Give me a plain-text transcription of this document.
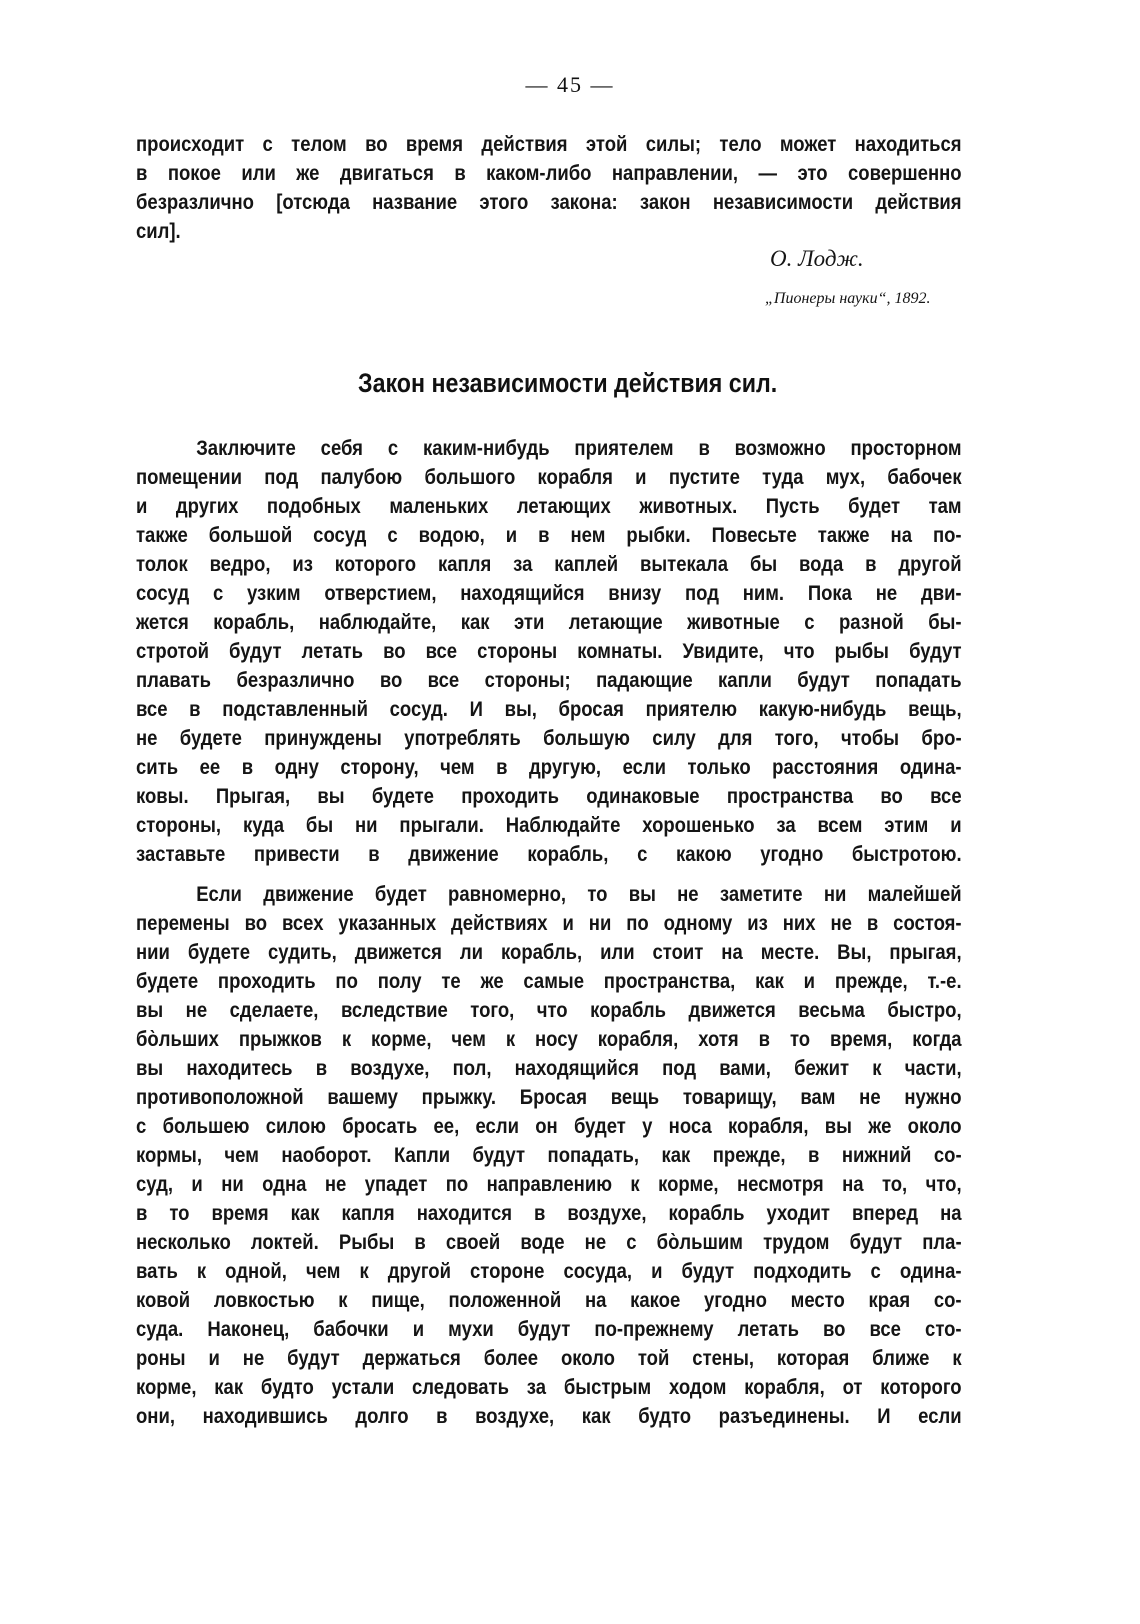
— 45 —
происходит с телом во время действия этой силы; тело может находиться
в покое или же двигаться в каком-либо направлении, — это совершенно
безразлично [отсюда название этого закона: закон независимости действия
сил].
О. Лодж.
„Пионеры науки“, 1892.
Закон независимости действия сил.
Заключите себя с каким-нибудь приятелем в возможно просторном
помещении под палубою большого корабля и пустите туда мух, бабочек
и других подобных маленьких летающих животных. Пусть будет там
также большой сосуд с водою, и в нем рыбки. Повесьте также на по-
толок ведро, из которого капля за каплей вытекала бы вода в другой
сосуд с узким отверстием, находящийся внизу под ним. Пока не дви-
жется корабль, наблюдайте, как эти летающие животные с разной бы-
стротой будут летать во все стороны комнаты. Увидите, что рыбы будут
плавать безразлично во все стороны; падающие капли будут попадать
все в подставленный сосуд. И вы, бросая приятелю какую-нибудь вещь,
не будете принуждены употреблять большую силу для того, чтобы бро-
сить ее в одну сторону, чем в другую, если только расстояния одина-
ковы. Прыгая, вы будете проходить одинаковые пространства во все
стороны, куда бы ни прыгали. Наблюдайте хорошенько за всем этим и
заставьте привести в движение корабль, с какою угодно быстротою.
Если движение будет равномерно, то вы не заметите ни малейшей
перемены во всех указанных действиях и ни по одному из них не в состоя-
нии будете судить, движется ли корабль, или стоит на месте. Вы, прыгая,
будете проходить по полу те же самые пространства, как и прежде, т.-е.
вы не сделаете, вследствие того, что корабль движется весьма быстро,
бо̀льших прыжков к корме, чем к носу корабля, хотя в то время, когда
вы находитесь в воздухе, пол, находящийся под вами, бежит к части,
противоположной вашему прыжку. Бросая вещь товарищу, вам не нужно
с большею силою бросать ее, если он будет у носа корабля, вы же около
кормы, чем наоборот. Капли будут попадать, как прежде, в нижний со-
суд, и ни одна не упадет по направлению к корме, несмотря на то, что,
в то время как капля находится в воздухе, корабль уходит вперед на
несколько локтей. Рыбы в своей воде не с бо̀льшим трудом будут пла-
вать к одной, чем к другой стороне сосуда, и будут подходить с одина-
ковой ловкостью к пище, положенной на какое угодно место края со-
суда. Наконец, бабочки и мухи будут по-прежнему летать во все сто-
роны и не будут держаться более около той стены, которая ближе к
корме, как будто устали следовать за быстрым ходом корабля, от которого
они, находившись долго в воздухе, как будто разъединены. И если
